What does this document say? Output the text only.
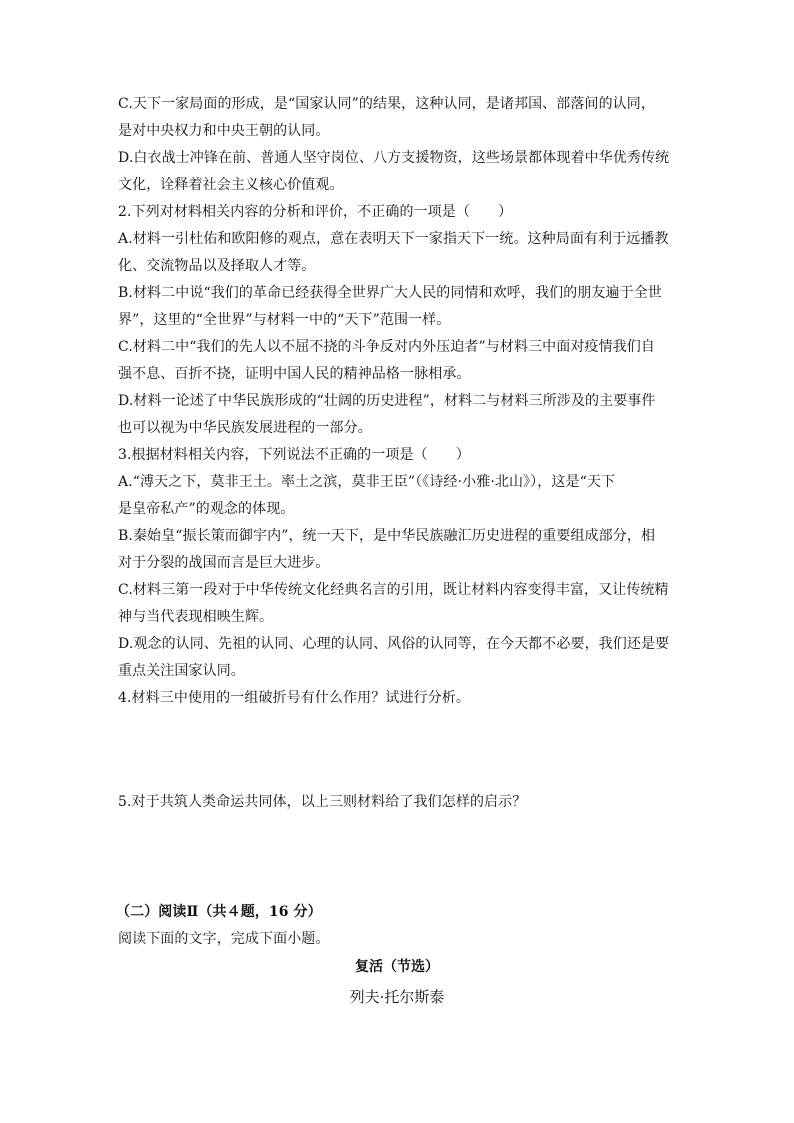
C.天下一家局面的形成，是“国家认同”的结果，这种认同，是诸邦国、部落间的认同，
是对中央权力和中央王朝的认同。
D.白衣战士冲锋在前、普通人坚守岗位、八方支援物资，这些场景都体现着中华优秀传统
文化，诠释着社会主义核心价值观。
2.下列对材料相关内容的分析和评价，不正确的一项是（　　）
A.材料一引杜佑和欧阳修的观点，意在表明天下一家指天下一统。这种局面有利于远播教
化、交流物品以及择取人才等。
B.材料二中说“我们的革命已经获得全世界广大人民的同情和欢呼，我们的朋友遍于全世
界”，这里的“全世界”与材料一中的“天下”范围一样。
C.材料二中“我们的先人以不屈不挠的斗争反对内外压迫者”与材料三中面对疫情我们自
强不息、百折不挠，证明中国人民的精神品格一脉相承。
D.材料一论述了中华民族形成的“壮阔的历史进程”，材料二与材料三所涉及的主要事件
也可以视为中华民族发展进程的一部分。
3.根据材料相关内容，下列说法不正确的一项是（　　）
A.“溥天之下，莫非王土。率土之滨，莫非王臣”（《诗经·小雅·北山》），这是“天下
是皇帝私产”的观念的体现。
B.秦始皇“振长策而御宇内”，统一天下，是中华民族融汇历史进程的重要组成部分，相
对于分裂的战国而言是巨大进步。
C.材料三第一段对于中华传统文化经典名言的引用，既让材料内容变得丰富，又让传统精
神与当代表现相映生辉。
D.观念的认同、先祖的认同、心理的认同、风俗的认同等，在今天都不必要，我们还是要
重点关注国家认同。
4.材料三中使用的一组破折号有什么作用？试进行分析。
5.对于共筑人类命运共同体，以上三则材料给了我们怎样的启示？
（二）阅读Ⅱ（共４题，16 分）
阅读下面的文字，完成下面小题。
复活（节选）
列夫·托尔斯泰
